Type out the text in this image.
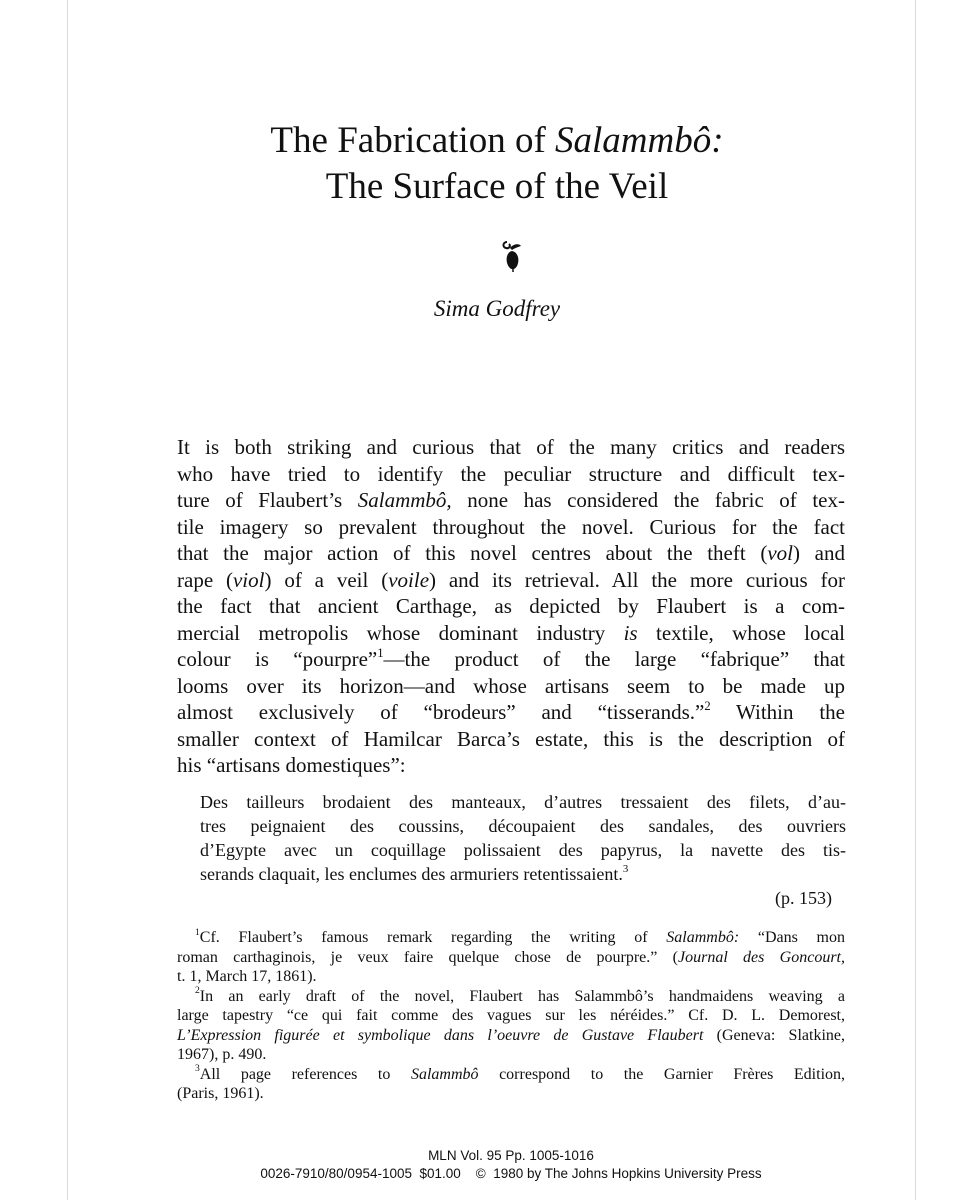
The Fabrication of Salammbô:
The Surface of the Veil
Sima Godfrey
It is both striking and curious that of the many critics and readers
who have tried to identify the peculiar structure and difficult tex-
ture of Flaubert’s Salammbô, none has considered the fabric of tex-
tile imagery so prevalent throughout the novel. Curious for the fact
that the major action of this novel centres about the theft (vol) and
rape (viol) of a veil (voile) and its retrieval. All the more curious for
the fact that ancient Carthage, as depicted by Flaubert is a com-
mercial metropolis whose dominant industry is textile, whose local
colour is “pourpre”$^1$—the product of the large “fabrique” that
looms over its horizon—and whose artisans seem to be made up
almost exclusively of “brodeurs” and “tisserands.”$^2$ Within the
smaller context of Hamilcar Barca’s estate, this is the description of
his “artisans domestiques”:
Des tailleurs brodaient des manteaux, d’autres tressaient des filets, d’au-
tres peignaient des coussins, découpaient des sandales, des ouvriers
d’Egypte avec un coquillage polissaient des papyrus, la navette des tis-
serands claquait, les enclumes des armuriers retentissaient.$^3$
(p. 153)
$^1$Cf. Flaubert’s famous remark regarding the writing of Salammbô: “Dans mon
roman carthaginois, je veux faire quelque chose de pourpre.” (Journal des Goncourt,
t. 1, March 17, 1861).
$^2$In an early draft of the novel, Flaubert has Salammbô’s handmaidens weaving a
large tapestry “ce qui fait comme des vagues sur les néréides.” Cf. D. L. Demorest,
L’Expression figurée et symbolique dans l’oeuvre de Gustave Flaubert (Geneva: Slatkine,
1967), p. 490.
$^3$All page references to Salammbô correspond to the Garnier Frères Edition,
(Paris, 1961).
MLN Vol. 95 Pp. 1005-1016
0026-7910/80/0954-1005  $01.00    ©  1980 by The Johns Hopkins University Press
